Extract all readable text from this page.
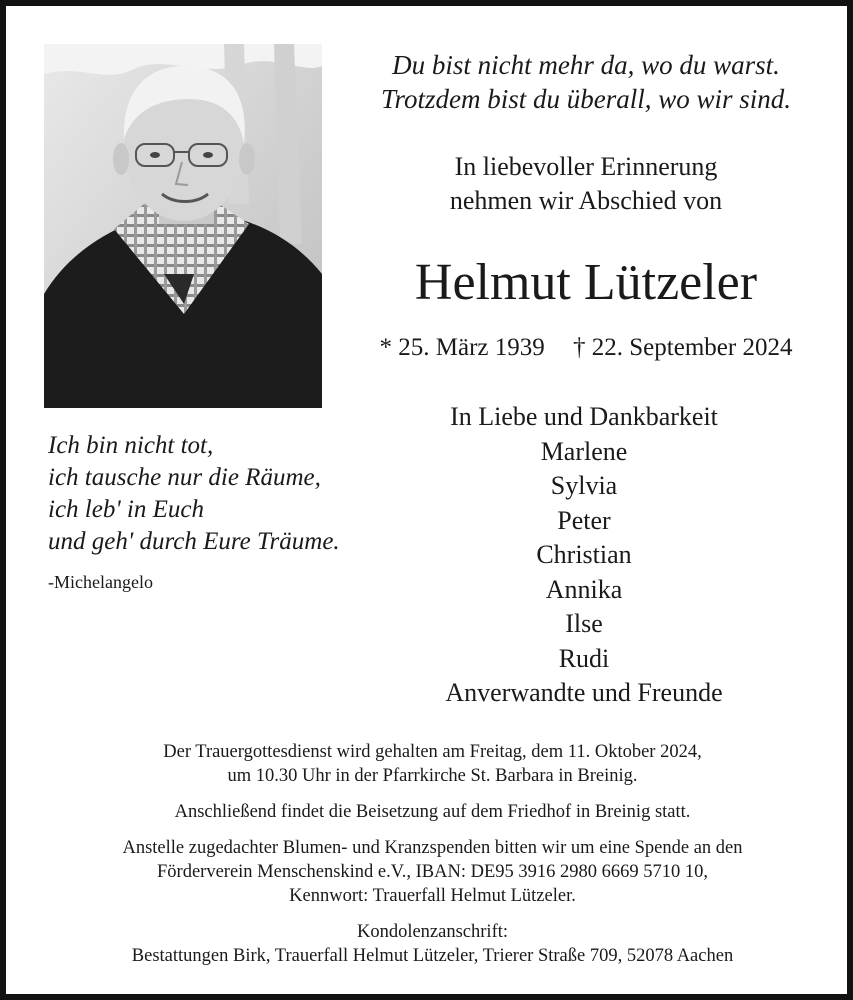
Du bist nicht mehr da, wo du warst.
Trotzdem bist du überall, wo wir sind.
In liebevoller Erinnerung
nehmen wir Abschied von
Helmut Lützeler
* 25. März 1939 † 22. September 2024
Ich bin nicht tot,
ich tausche nur die Räume,
ich leb' in Euch
und geh' durch Eure Träume.
-Michelangelo
In Liebe und Dankbarkeit
Marlene
Sylvia
Peter
Christian
Annika
Ilse
Rudi
Anverwandte und Freunde
Der Trauergottesdienst wird gehalten am Freitag, dem 11. Oktober 2024,
um 10.30 Uhr in der Pfarrkirche St. Barbara in Breinig.
Anschließend findet die Beisetzung auf dem Friedhof in Breinig statt.
Anstelle zugedachter Blumen- und Kranzspenden bitten wir um eine Spende an den
Förderverein Menschenskind e.V., IBAN: DE95 3916 2980 6669 5710 10,
Kennwort: Trauerfall Helmut Lützeler.
Kondolenzanschrift:
Bestattungen Birk, Trauerfall Helmut Lützeler, Trierer Straße 709, 52078 Aachen
